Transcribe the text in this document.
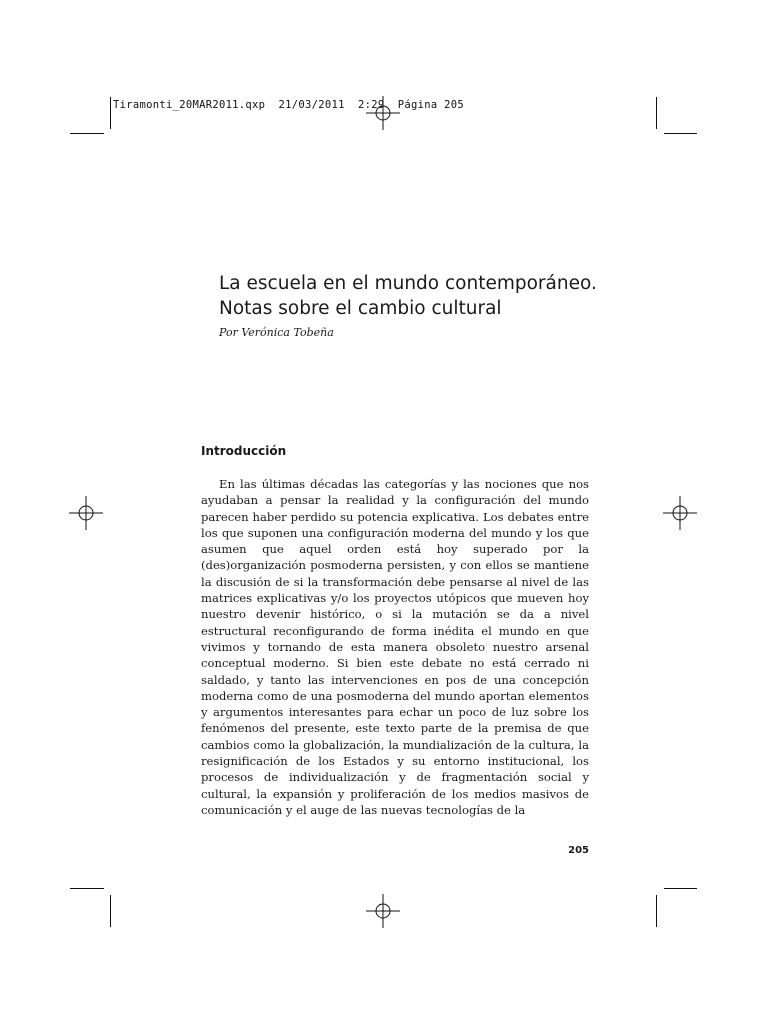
Tiramonti_20MAR2011.qxp  21/03/2011  2:29  Página 205
La escuela en el mundo contemporáneo.
Notas sobre el cambio cultural
Por Verónica Tobeña
Introducción

En las últimas décadas las categorías y las nociones que nos ayudaban a pensar la realidad y la configuración del mundo parecen haber perdido su potencia explicativa. Los debates entre los que suponen una configuración moderna del mundo y los que asumen que aquel orden está hoy superado por la (des)organización posmoderna persisten, y con ellos se mantiene la discusión de si la transformación debe pensarse al nivel de las matrices explicativas y/o los proyectos utópicos que mueven hoy nuestro devenir histórico, o si la mutación se da a nivel estructural reconfigurando de forma inédita el mundo en que vivimos y tornando de esta manera obsoleto nuestro arsenal conceptual moderno. Si bien este debate no está cerrado ni saldado, y tanto las intervenciones en pos de una concepción moderna como de una posmoderna del mundo aportan elementos y argumentos interesantes para echar un poco de luz sobre los fenómenos del presente, este texto parte de la premisa de que cambios como la globalización, la mundialización de la cultura, la resignificación de los Estados y su entorno institucional, los procesos de individualización y de fragmentación social y cultural, la expansión y proliferación de los medios masivos de comunicación y el auge de las nuevas tecnologías de la

205
